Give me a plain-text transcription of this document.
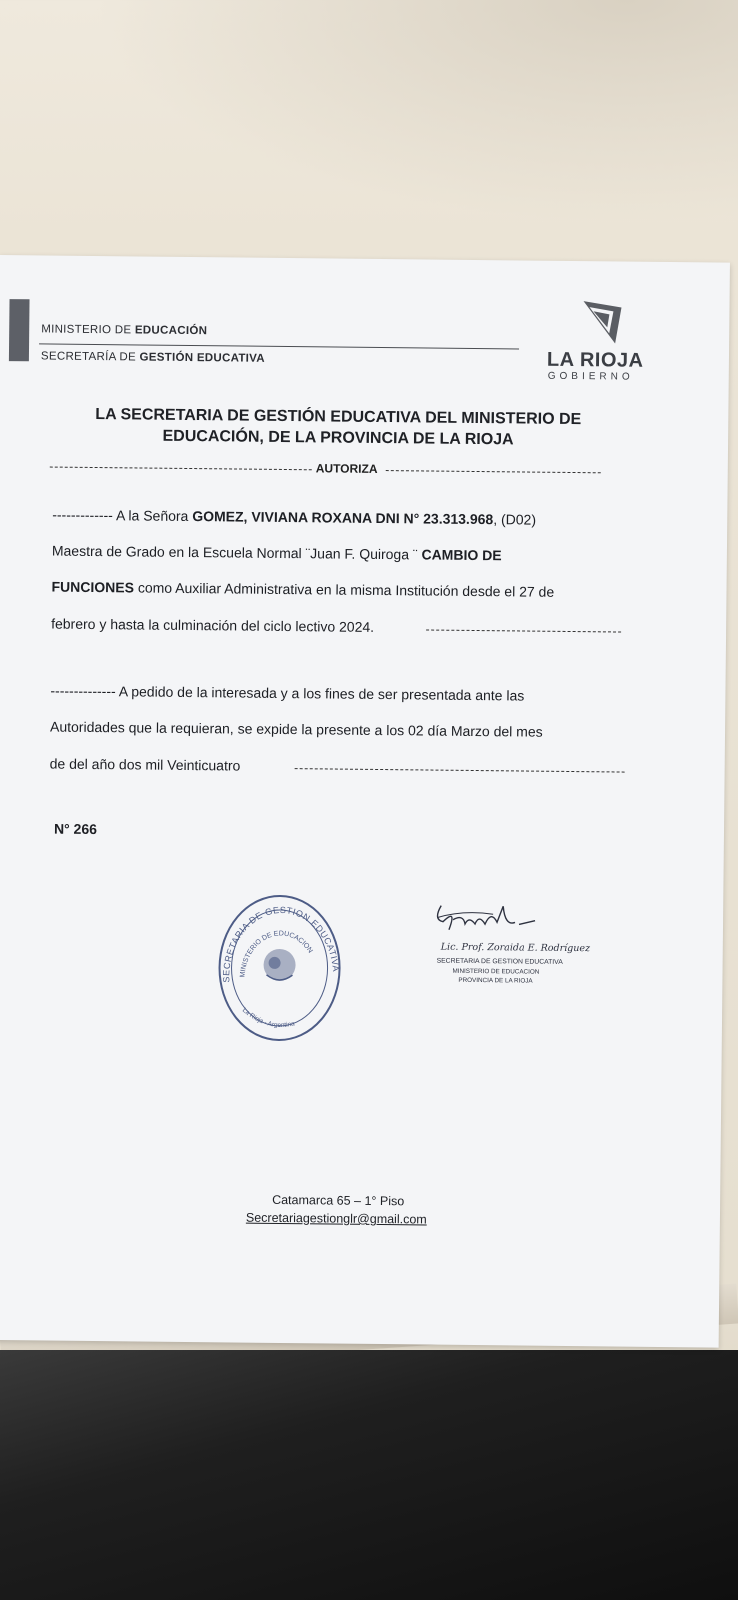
MINISTERIO DE EDUCACIÓN
SECRETARÍA DE GESTIÓN EDUCATIVA	LA RIOJA
GOBIERNO
LA SECRETARIA DE GESTIÓN EDUCATIVA DEL MINISTERIO DE
EDUCACIÓN, DE LA PROVINCIA DE LA RIOJA
AUTORIZA
------------- A la Señora GOMEZ, VIVIANA ROXANA DNI N° 23.313.968, (D02)
Maestra de Grado en la Escuela Normal ¨Juan F. Quiroga ¨ CAMBIO DE
FUNCIONES como Auxiliar Administrativa en la misma Institución desde el 27 de
febrero y hasta la culminación del ciclo lectivo 2024.
-------------- A pedido de la interesada y a los fines de ser presentada ante las
Autoridades que la requieran, se expide la presente a los 02 día Marzo del mes
de del año dos mil Veinticuatro
N° 266
SECRETARIA DE GESTION EDUCATIVA
MINISTERIO DE EDUCACION
La Rioja - Argentina
Lic. Prof. Zoraida E. Rodríguez
SECRETARIA DE GESTION EDUCATIVA
MINISTERIO DE EDUCACION
PROVINCIA DE LA RIOJA
Catamarca 65 – 1° Piso
Secretariagestionglr@gmail.com
